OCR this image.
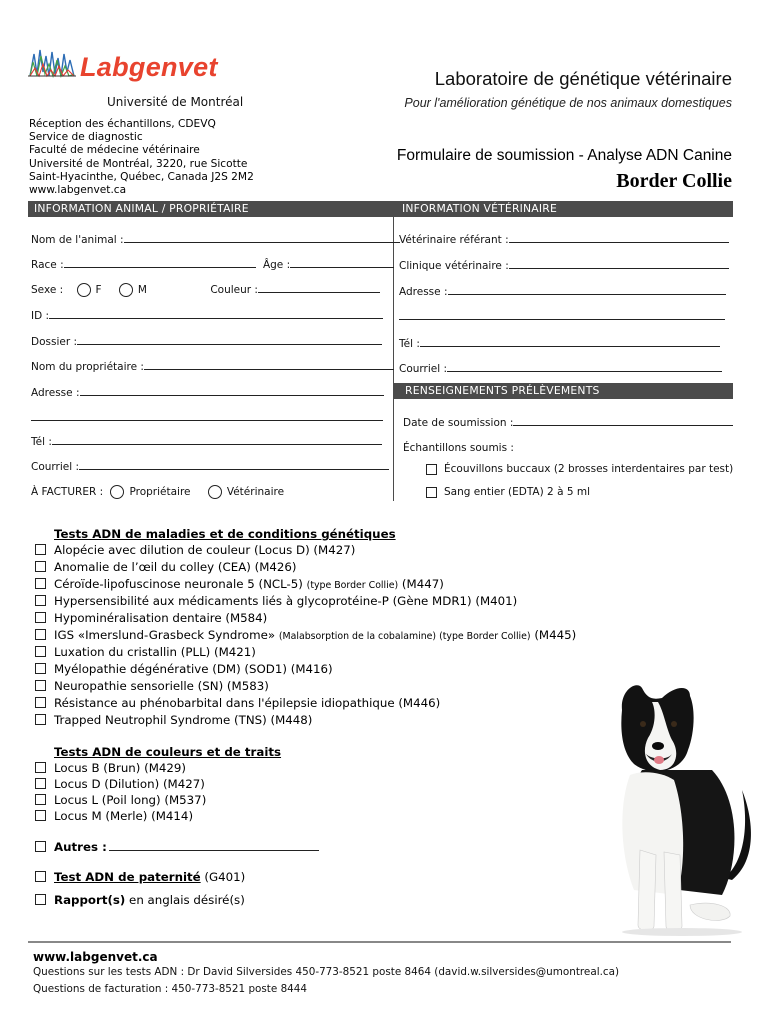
Labgenvet
Université de Montréal
Laboratoire de génétique vétérinaire
Pour l'amélioration génétique de nos animaux domestiques
Réception des échantillons, CDEVQ
Service de diagnostic
Faculté de médecine vétérinaire
Université de Montréal, 3220, rue Sicotte
Saint-Hyacinthe, Québec, Canada J2S 2M2
www.labgenvet.ca
Formulaire de soumission - Analyse ADN Canine
Border Collie
INFORMATION ANIMAL / PROPRIÉTAIRE	INFORMATION VÉTÉRINAIRE
RENSEIGNEMENTS PRÉLÈVEMENTS
Nom de l'animal :
Race :	Âge :
Sexe :	F	M	Couleur :
ID :
Dossier :
Nom du propriétaire :
Adresse :
Tél :
Courriel :
À FACTURER :	Propriétaire	Vétérinaire
Vétérinaire référant :
Clinique vétérinaire :
Adresse :
Tél :
Courriel :
Date de soumission :
Échantillons soumis :
Écouvillons buccaux (2 brosses interdentaires par test)
Sang entier (EDTA) 2 à 5 ml
Tests ADN de maladies et de conditions génétiques
Alopécie avec dilution de couleur (Locus D) (M427)
Anomalie de l’œil du colley (CEA) (M426)
Céroïde-lipofuscinose neuronale 5 (NCL-5) (type Border Collie) (M447)
Hypersensibilité aux médicaments liés à glycoprotéine-P (Gène MDR1) (M401)
Hypominéralisation dentaire (M584)
IGS «Imerslund-Grasbeck Syndrome» (Malabsorption de la cobalamine) (type Border Collie) (M445)
Luxation du cristallin (PLL) (M421)
Myélopathie dégénérative (DM) (SOD1) (M416)
Neuropathie sensorielle (SN) (M583)
Résistance au phénobarbital dans l'épilepsie idiopathique (M446)
Trapped Neutrophil Syndrome (TNS) (M448)
Tests ADN de couleurs et de traits
Locus B (Brun) (M429)
Locus D (Dilution) (M427)
Locus L (Poil long) (M537)
Locus M (Merle) (M414)
Autres :
Test ADN de paternité (G401)
Rapport(s) en anglais désiré(s)
www.labgenvet.ca
Questions sur les tests ADN : Dr David Silversides 450-773-8521 poste 8464 (david.w.silversides@umontreal.ca)
Questions de facturation : 450-773-8521 poste 8444
